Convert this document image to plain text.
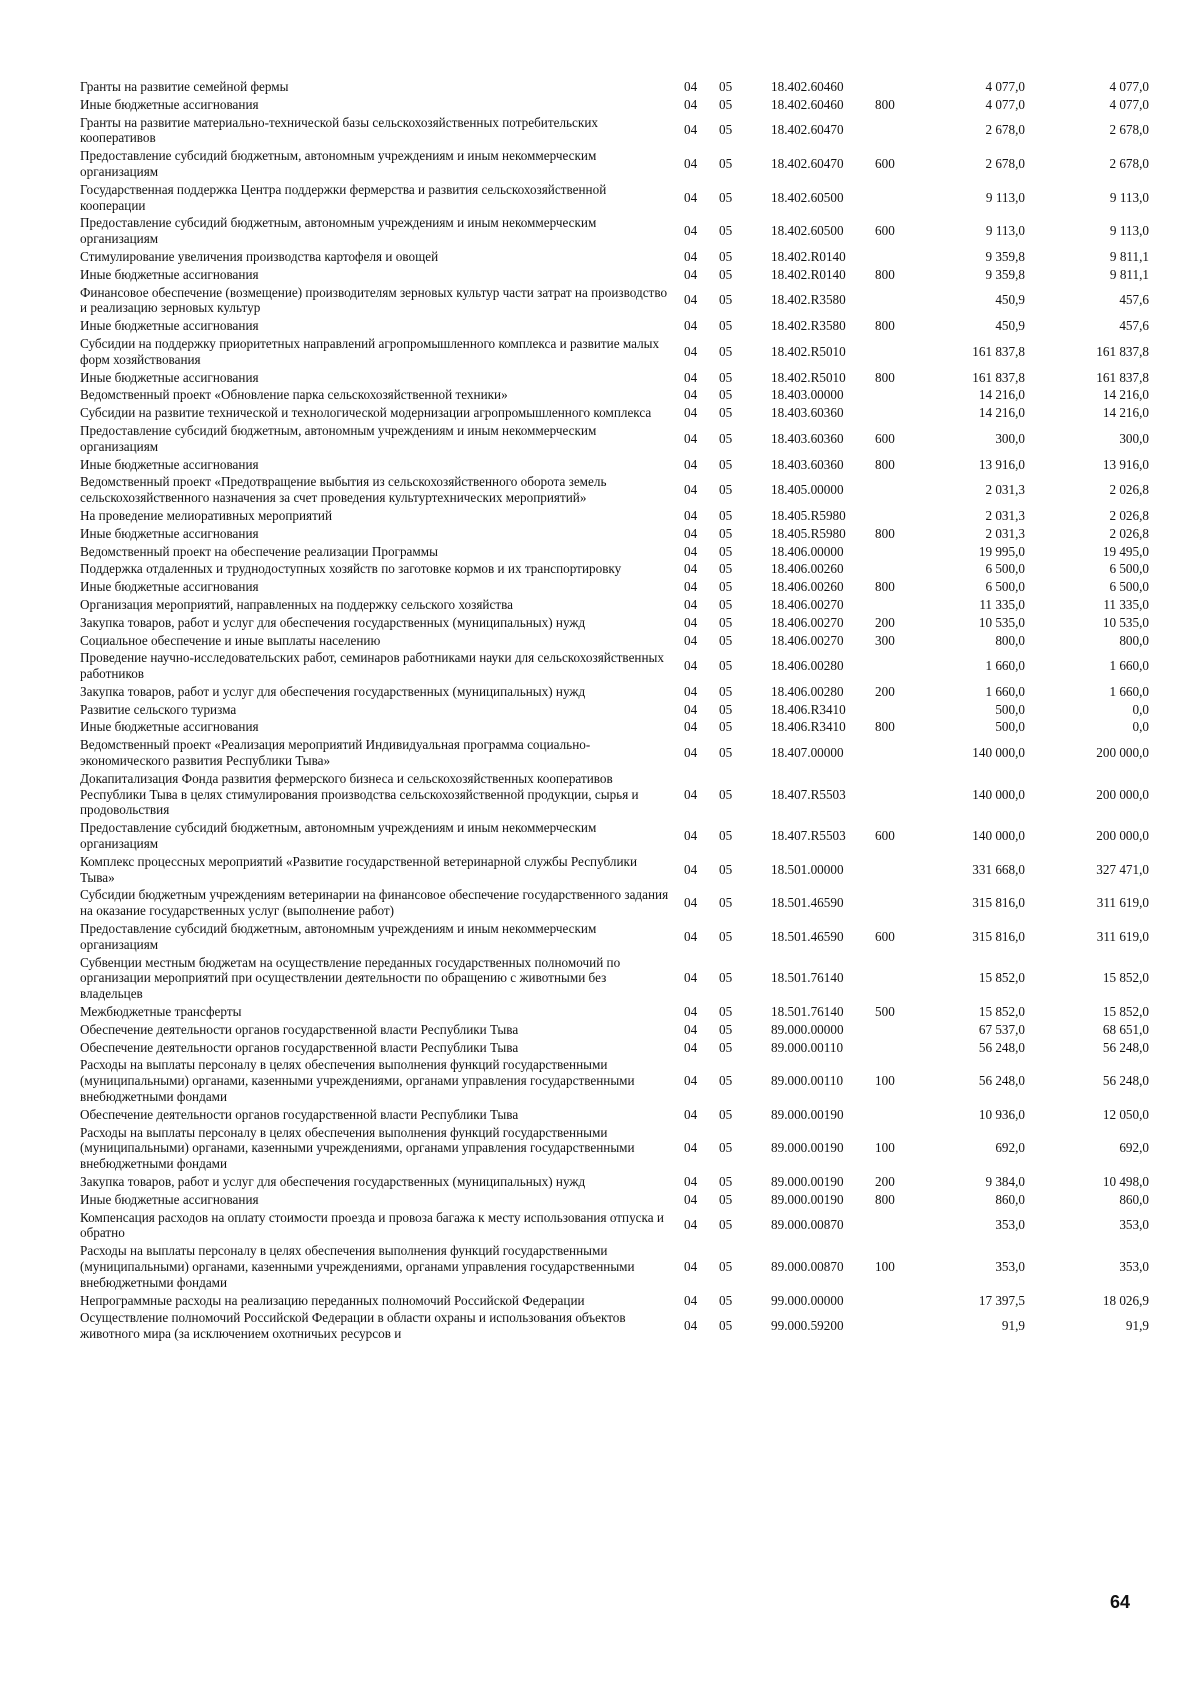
Гранты на развитие семейной фермы	04	05	18.402.60460		4 077,0	4 077,0
Иные бюджетные ассигнования	04	05	18.402.60460	800	4 077,0	4 077,0
Гранты на развитие материально-технической базы сельскохозяйственных потребительских кооперативов	04	05	18.402.60470		2 678,0	2 678,0
Предоставление субсидий бюджетным, автономным учреждениям и иным некоммерческим организациям	04	05	18.402.60470	600	2 678,0	2 678,0
Государственная поддержка Центра поддержки фермерства и развития сельскохозяйственной кооперации	04	05	18.402.60500		9 113,0	9 113,0
Предоставление субсидий бюджетным, автономным учреждениям и иным некоммерческим организациям	04	05	18.402.60500	600	9 113,0	9 113,0
Стимулирование увеличения производства картофеля и овощей	04	05	18.402.R0140		9 359,8	9 811,1
Иные бюджетные ассигнования	04	05	18.402.R0140	800	9 359,8	9 811,1
Финансовое обеспечение (возмещение) производителям зерновых культур части затрат на производство и реализацию зерновых культур	04	05	18.402.R3580		450,9	457,6
Иные бюджетные ассигнования	04	05	18.402.R3580	800	450,9	457,6
Субсидии на поддержку приоритетных направлений агропромышленного комплекса и развитие малых форм хозяйствования	04	05	18.402.R5010		161 837,8	161 837,8
Иные бюджетные ассигнования	04	05	18.402.R5010	800	161 837,8	161 837,8
Ведомственный проект «Обновление парка сельскохозяйственной техники»	04	05	18.403.00000		14 216,0	14 216,0
Субсидии на развитие технической и технологической модернизации агропромышленного комплекса	04	05	18.403.60360		14 216,0	14 216,0
Предоставление субсидий бюджетным, автономным учреждениям и иным некоммерческим организациям	04	05	18.403.60360	600	300,0	300,0
Иные бюджетные ассигнования	04	05	18.403.60360	800	13 916,0	13 916,0
Ведомственный проект «Предотвращение выбытия из сельскохозяйственного оборота земель сельскохозяйственного назначения за счет проведения культуртехнических мероприятий»	04	05	18.405.00000		2 031,3	2 026,8
На проведение мелиоративных мероприятий	04	05	18.405.R5980		2 031,3	2 026,8
Иные бюджетные ассигнования	04	05	18.405.R5980	800	2 031,3	2 026,8
Ведомственный проект на обеспечение реализации Программы	04	05	18.406.00000		19 995,0	19 495,0
Поддержка отдаленных и труднодоступных хозяйств по заготовке кормов и их транспортировку	04	05	18.406.00260		6 500,0	6 500,0
Иные бюджетные ассигнования	04	05	18.406.00260	800	6 500,0	6 500,0
Организация мероприятий, направленных на поддержку сельского хозяйства	04	05	18.406.00270		11 335,0	11 335,0
Закупка товаров, работ и услуг для обеспечения государственных (муниципальных) нужд	04	05	18.406.00270	200	10 535,0	10 535,0
Социальное обеспечение и иные выплаты населению	04	05	18.406.00270	300	800,0	800,0
Проведение научно-исследовательских работ, семинаров работниками науки для сельскохозяйственных работников	04	05	18.406.00280		1 660,0	1 660,0
Закупка товаров, работ и услуг для обеспечения государственных (муниципальных) нужд	04	05	18.406.00280	200	1 660,0	1 660,0
Развитие сельского туризма	04	05	18.406.R3410		500,0	0,0
Иные бюджетные ассигнования	04	05	18.406.R3410	800	500,0	0,0
Ведомственный проект «Реализация мероприятий Индивидуальная программа социально-экономического развития Республики Тыва»	04	05	18.407.00000		140 000,0	200 000,0
Докапитализация Фонда развития фермерского бизнеса и сельскохозяйственных кооперативов Республики Тыва в целях стимулирования производства сельскохозяйственной продукции, сырья и продовольствия	04	05	18.407.R5503		140 000,0	200 000,0
Предоставление субсидий бюджетным, автономным учреждениям и иным некоммерческим организациям	04	05	18.407.R5503	600	140 000,0	200 000,0
Комплекс процессных мероприятий «Развитие государственной ветеринарной службы Республики Тыва»	04	05	18.501.00000		331 668,0	327 471,0
Субсидии бюджетным учреждениям ветеринарии на финансовое обеспечение государственного задания на оказание государственных услуг (выполнение работ)	04	05	18.501.46590		315 816,0	311 619,0
Предоставление субсидий бюджетным, автономным учреждениям и иным некоммерческим организациям	04	05	18.501.46590	600	315 816,0	311 619,0
Субвенции местным бюджетам на осуществление переданных государственных полномочий по организации мероприятий при осуществлении деятельности по обращению с животными без владельцев	04	05	18.501.76140		15 852,0	15 852,0
Межбюджетные трансферты	04	05	18.501.76140	500	15 852,0	15 852,0
Обеспечение деятельности органов государственной власти Республики Тыва	04	05	89.000.00000		67 537,0	68 651,0
Обеспечение деятельности органов государственной власти Республики Тыва	04	05	89.000.00110		56 248,0	56 248,0
Расходы на выплаты персоналу в целях обеспечения выполнения функций государственными (муниципальными) органами, казенными учреждениями, органами управления государственными внебюджетными фондами	04	05	89.000.00110	100	56 248,0	56 248,0
Обеспечение деятельности органов государственной власти Республики Тыва	04	05	89.000.00190		10 936,0	12 050,0
Расходы на выплаты персоналу в целях обеспечения выполнения функций государственными (муниципальными) органами, казенными учреждениями, органами управления государственными внебюджетными фондами	04	05	89.000.00190	100	692,0	692,0
Закупка товаров, работ и услуг для обеспечения государственных (муниципальных) нужд	04	05	89.000.00190	200	9 384,0	10 498,0
Иные бюджетные ассигнования	04	05	89.000.00190	800	860,0	860,0
Компенсация расходов на оплату стоимости проезда и провоза багажа к месту использования отпуска и обратно	04	05	89.000.00870		353,0	353,0
Расходы на выплаты персоналу в целях обеспечения выполнения функций государственными (муниципальными) органами, казенными учреждениями, органами управления государственными внебюджетными фондами	04	05	89.000.00870	100	353,0	353,0
Непрограммные расходы на реализацию переданных полномочий Российской Федерации	04	05	99.000.00000		17 397,5	18 026,9
Осуществление полномочий Российской Федерации в области охраны и использования объектов животного мира (за исключением охотничьих ресурсов и	04	05	99.000.59200		91,9	91,9
64
